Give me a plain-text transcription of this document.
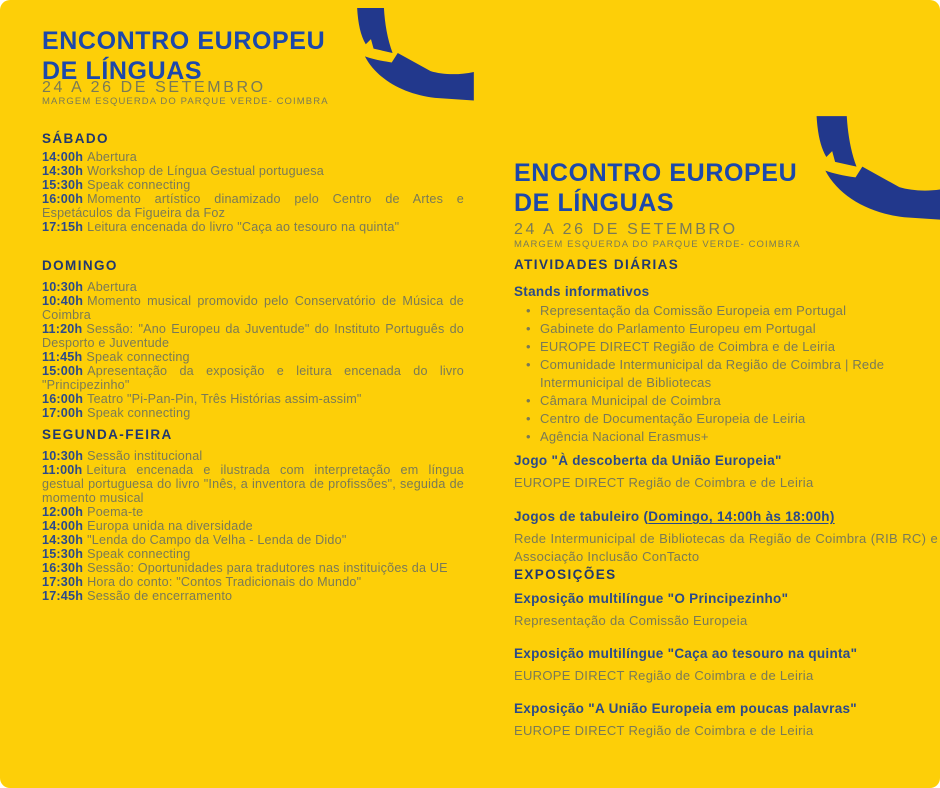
ENCONTRO EUROPEU
DE LÍNGUAS
24 A 26 DE SETEMBRO
MARGEM ESQUERDA DO PARQUE VERDE- COIMBRA
SÁBADO
14:00h Abertura
14:30h Workshop de Língua Gestual portuguesa
15:30h Speak connecting
16:00h Momento artístico dinamizado pelo Centro de Artes e Espetáculos da Figueira da Foz
17:15h Leitura encenada do livro "Caça ao tesouro na quinta"
DOMINGO
10:30h Abertura
10:40h Momento musical promovido pelo Conservatório de Música de Coimbra
11:20h Sessão: "Ano Europeu da Juventude" do Instituto Português do Desporto e Juventude
11:45h Speak connecting
15:00h Apresentação da exposição e leitura encenada do livro "Principezinho"
16:00h Teatro "Pi-Pan-Pin, Três Histórias assim-assim"
17:00h Speak connecting
SEGUNDA-FEIRA
10:30h Sessão institucional
11:00h Leitura encenada e ilustrada com interpretação em língua gestual portuguesa do livro "Inês, a inventora de profissões", seguida de momento musical
12:00h Poema-te
14:00h Europa unida na diversidade
14:30h "Lenda do Campo da Velha - Lenda de Dido"
15:30h Speak connecting
16:30h Sessão: Oportunidades para tradutores nas instituições da UE
17:30h Hora do conto: "Contos Tradicionais do Mundo"
17:45h Sessão de encerramento
ENCONTRO EUROPEU
DE LÍNGUAS
24 A 26 DE SETEMBRO
MARGEM ESQUERDA DO PARQUE VERDE- COIMBRA
ATIVIDADES DIÁRIAS
Stands informativos
• Representação da Comissão Europeia em Portugal
• Gabinete do Parlamento Europeu em Portugal
• EUROPE DIRECT Região de Coimbra e de Leiria
• Comunidade Intermunicipal da Região de Coimbra | Rede Intermunicipal de Bibliotecas
• Câmara Municipal de Coimbra
• Centro de Documentação Europeia de Leiria
• Agência Nacional Erasmus+
Jogo "À descoberta da União Europeia"
EUROPE DIRECT Região de Coimbra e de Leiria
Jogos de tabuleiro (Domingo, 14:00h às 18:00h)
Rede Intermunicipal de Bibliotecas da Região de Coimbra (RIB RC) e Associação Inclusão ConTacto
EXPOSIÇÕES
Exposição multilíngue "O Principezinho"
Representação da Comissão Europeia
Exposição multilíngue "Caça ao tesouro na quinta"
EUROPE DIRECT Região de Coimbra e de Leiria
Exposição "A União Europeia em poucas palavras"
EUROPE DIRECT Região de Coimbra e de Leiria
